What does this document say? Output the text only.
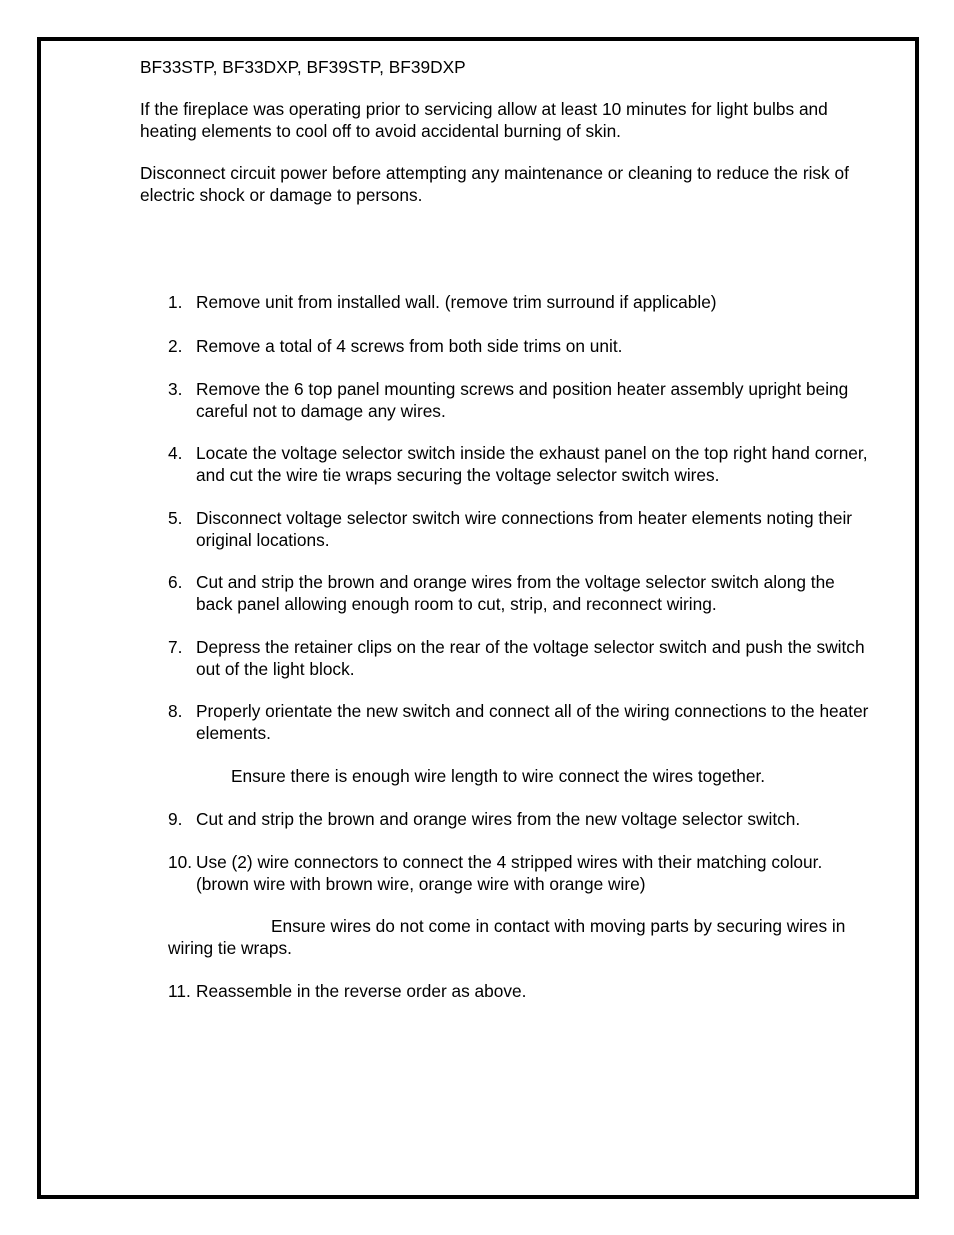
BF33STP, BF33DXP, BF39STP, BF39DXP

If the fireplace was operating prior to servicing allow at least 10 minutes for light bulbs and heating elements to cool off to avoid accidental burning of skin.

Disconnect circuit power before attempting any maintenance or cleaning to reduce the risk of electric shock or damage to persons.

1. Remove unit from installed wall. (remove trim surround if applicable)
2. Remove a total of 4 screws from both side trims on unit.
3. Remove the 6 top panel mounting screws and position heater assembly upright being careful not to damage any wires.
4. Locate the voltage selector switch inside the exhaust panel on the top right hand corner, and cut the wire tie wraps securing the voltage selector switch wires.
5. Disconnect voltage selector switch wire connections from heater elements noting their original locations.
6. Cut and strip the brown and orange wires from the voltage selector switch along the back panel allowing enough room to cut, strip, and reconnect wiring.
7. Depress the retainer clips on the rear of the voltage selector switch and push the switch out of the light block.
8. Properly orientate the new switch and connect all of the wiring connections to the heater elements.

Ensure there is enough wire length to wire connect the wires together.

9. Cut and strip the brown and orange wires from the new voltage selector switch.
10. Use (2) wire connectors to connect the 4 stripped wires with their matching colour. (brown wire with brown wire, orange wire with orange wire)

Ensure wires do not come in contact with moving parts by securing wires in wiring tie wraps.

11. Reassemble in the reverse order as above.
